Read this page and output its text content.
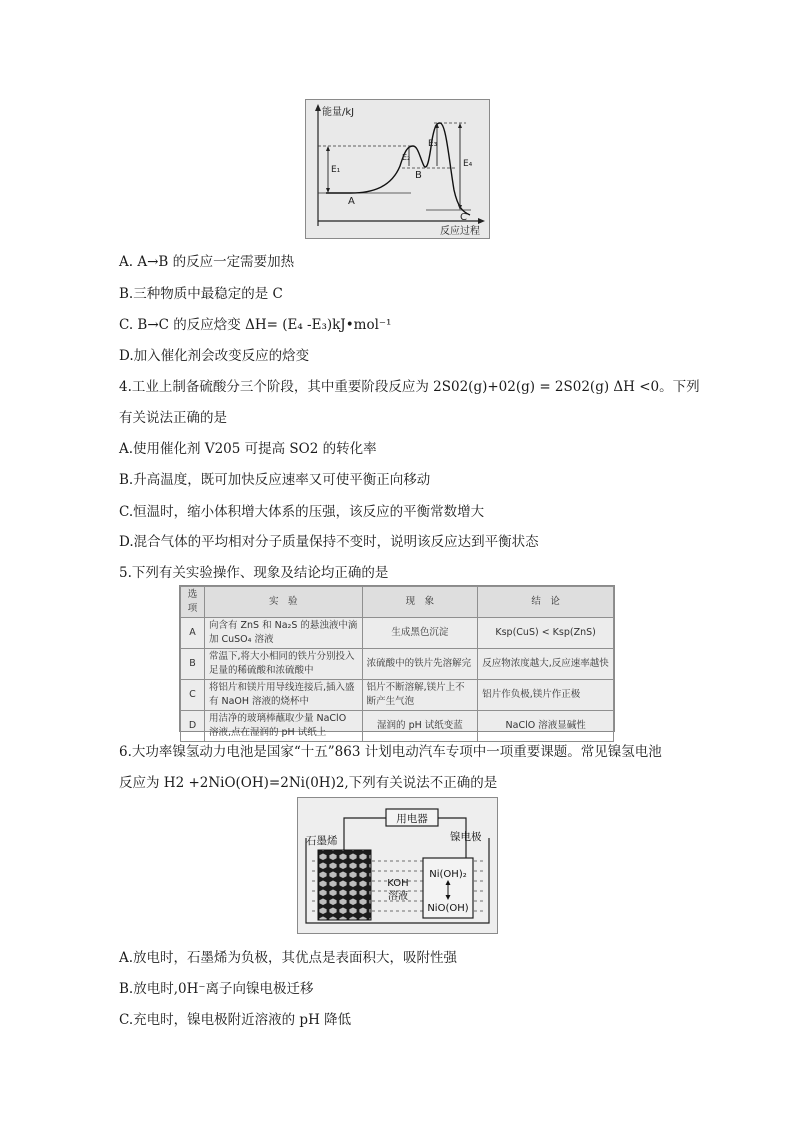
能量/kJ
反应过程
E₁
E₂
E₃
E₄
A
B
C
A. A→B 的反应一定需要加热
B.三种物质中最稳定的是 C
C. B→C 的反应焓变 ΔH= (E₄ -E₃)kJ•mol⁻¹
D.加入催化剂会改变反应的焓变
4.工业上制备硫酸分三个阶段，其中重要阶段反应为 2S02(g)+02(g) = 2S02(g) ΔH <0。下列
有关说法正确的是
A.使用催化剂 V205 可提高 SO2 的转化率
B.升高温度，既可加快反应速率又可使平衡正向移动
C.恒温时，缩小体积增大体系的压强，该反应的平衡常数增大
D.混合气体的平均相对分子质量保持不变时，说明该反应达到平衡状态
5.下列有关实验操作、现象及结论均正确的是
选 项	实　验	现　象	结　论
A	向含有 ZnS 和 Na₂S 的悬浊液中滴加 CuSO₄ 溶液	生成黑色沉淀	Ksp(CuS) < Ksp(ZnS)
B	常温下,将大小相同的铁片分别投入足量的稀硫酸和浓硫酸中	浓硫酸中的铁片先溶解完	反应物浓度越大,反应速率越快
C	将铝片和镁片用导线连接后,插入盛有 NaOH 溶液的烧杯中	铝片不断溶解,镁片上不断产生气泡	铝片作负极,镁片作正极
D	用洁净的玻璃棒蘸取少量 NaClO 溶液,点在湿润的 pH 试纸上	湿润的 pH 试纸变蓝	NaClO 溶液显碱性
6.大功率镍氢动力电池是国家“十五”863 计划电动汽车专项中一项重要课题。常见镍氢电池
反应为 H2 +2NiO(OH)=2Ni(0H)2,下列有关说法不正确的是
用电器
石墨烯	镍电极
KOH
溶液
Ni(OH)₂
NiO(OH)
A.放电时，石墨烯为负极，其优点是表面积大，吸附性强
B.放电时,0H⁻离子向镍电极迁移
C.充电时，镍电极附近溶液的 pH 降低
